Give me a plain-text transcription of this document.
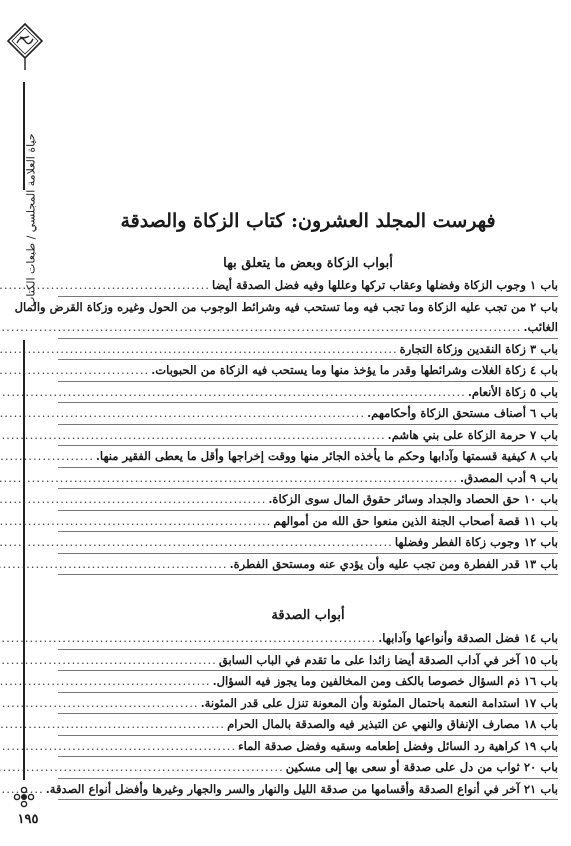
حياة العلامة المجلسي / طبعات الكتاب
١٩٥
فهرست المجلد العشرون: كتاب الزكاة والصدقة
أبواب الزكاة وبعض ما يتعلق بها
باب ١ وجوب الزكاة وفضلها وعقاب تركها وعللها وفيه فضل الصدقة أيضا
.....
باب ٢ من تجب عليه الزكاة وما تجب فيه وما تستحب فيه وشرائط الوجوب من الحول وغيره وزكاة القرض والمال
الغائب.
.....
باب ٣ زكاة النقدين وزكاة التجارة
.....
باب ٤ زكاة الغلات وشرائطها وقدر ما يؤخذ منها وما يستحب فيه الزكاة من الحبوبات.
.....
باب ٥ زكاة الأنعام.
.....
باب ٦ أصناف مستحق الزكاة وأحكامهم.
.....
باب ٧ حرمة الزكاة على بني هاشم.
.....
باب ٨ كيفية قسمتها وآدابها وحكم ما يأخذه الجائر منها ووقت إخراجها وأقل ما يعطى الفقير منها.
.....
باب ٩ أدب المصدق.
.....
باب ١٠ حق الحصاد والجداد وسائر حقوق المال سوى الزكاة.
.....
باب ١١ قصة أصحاب الجنة الذين منعوا حق الله من أموالهم
.....
باب ١٢ وجوب زكاة الفطر وفضلها
.....
باب ١٣ قدر الفطرة ومن تجب عليه وأن يؤدي عنه ومستحق الفطرة.
.....
أبواب الصدقة
باب ١٤ فضل الصدقة وأنواعها وآدابها.
.....
باب ١٥ آخر في آداب الصدقة أيضا زائدا على ما تقدم في الباب السابق
.....
باب ١٦ ذم السؤال خصوصا بالكف ومن المخالفين وما يجوز فيه السؤال.
.....
باب ١٧ استدامة النعمة باحتمال المئونة وأن المعونة تنزل على قدر المئونة.
.....
باب ١٨ مصارف الإنفاق والنهي عن التبذير فيه والصدقة بالمال الحرام
.....
باب ١٩ كراهية رد السائل وفضل إطعامه وسقيه وفضل صدقة الماء
.....
باب ٢٠ ثواب من دل على صدقة أو سعى بها إلى مسكين
.....
باب ٢١ آخر في أنواع الصدقة وأقسامها من صدقة الليل والنهار والسر والجهار وغيرها وأفضل أنواع الصدقة.
.....
